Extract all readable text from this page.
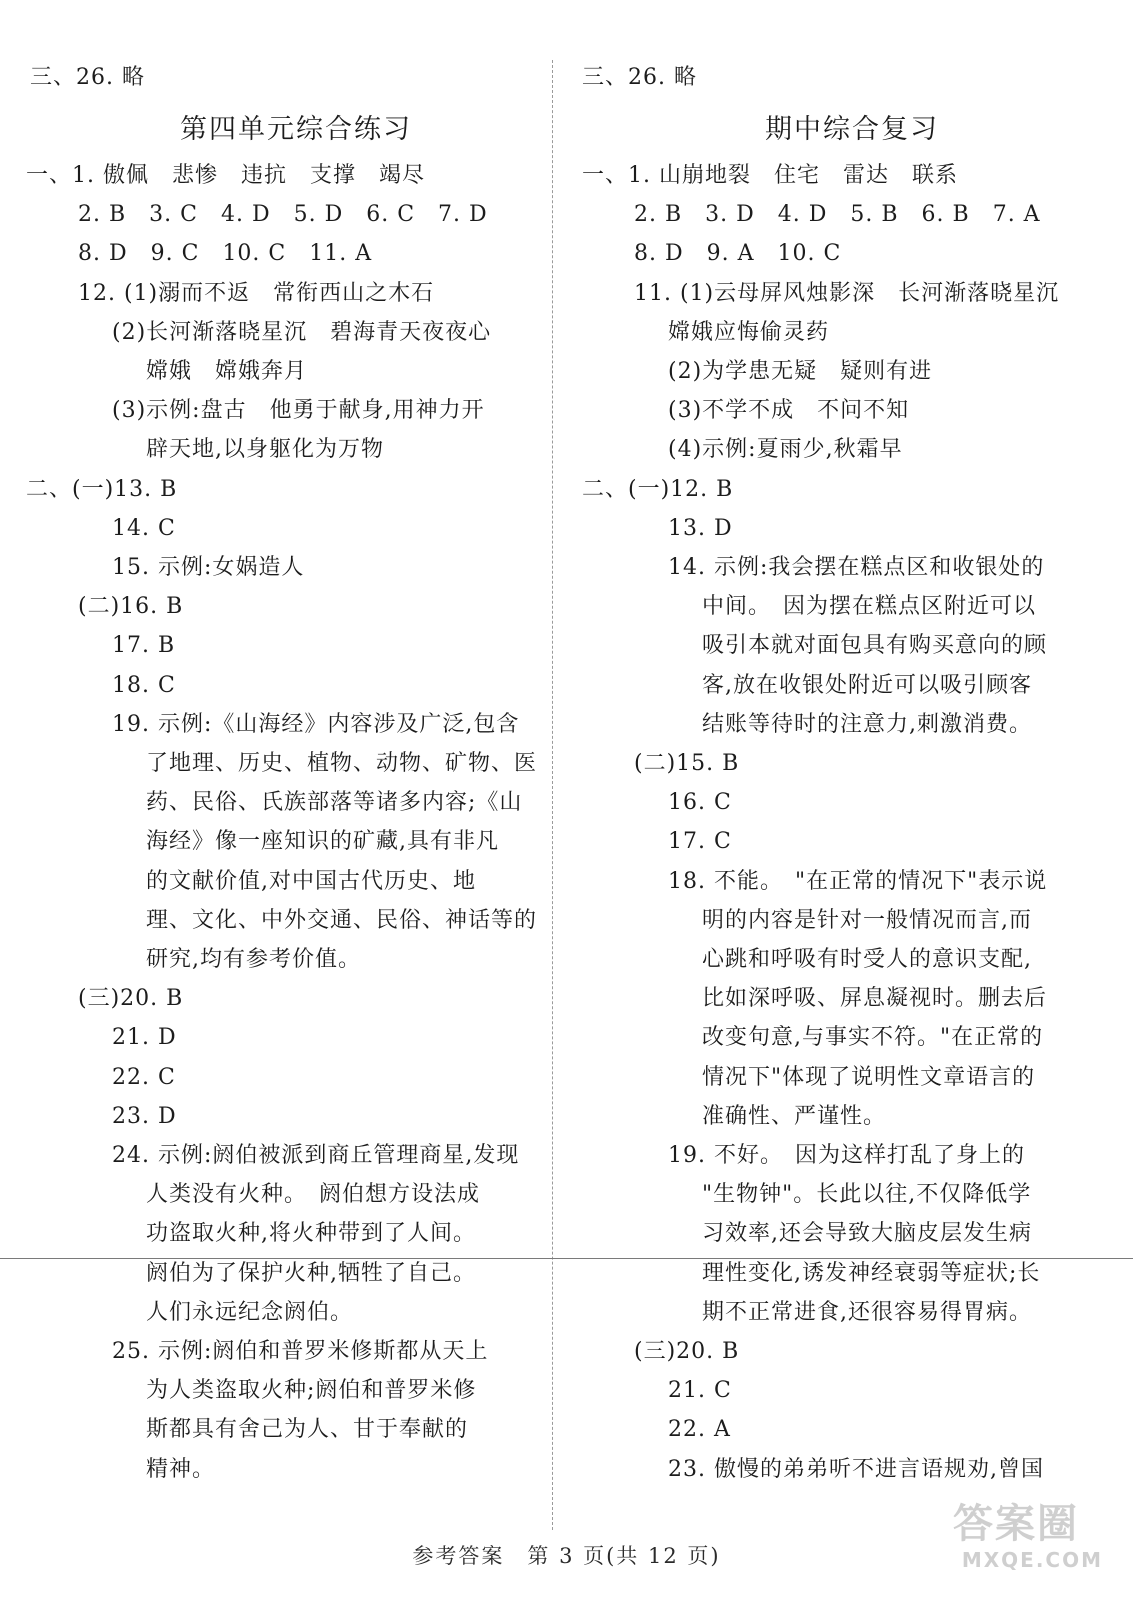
三、26. 略
第四单元综合练习
一、1. 傲佩　悲惨　违抗　支撑　竭尽
2. B　3. C　4. D　5. D　6. C　7. D
8. D　9. C　10. C　11. A
12. (1)溺而不返　常衔西山之木石
(2)长河渐落晓星沉　碧海青天夜夜心
嫦娥　嫦娥奔月
(3)示例:盘古　他勇于献身,用神力开
辟天地,以身躯化为万物
二、(一)13. B
14. C
15. 示例:女娲造人
(二)16. B
17. B
18. C
19. 示例:《山海经》内容涉及广泛,包含
了地理、历史、植物、动物、矿物、医
药、民俗、氏族部落等诸多内容;《山
海经》像一座知识的矿藏,具有非凡
的文献价值,对中国古代历史、地
理、文化、中外交通、民俗、神话等的
研究,均有参考价值。
(三)20. B
21. D
22. C
23. D
24. 示例:阏伯被派到商丘管理商星,发现
人类没有火种。　阏伯想方设法成
功盗取火种,将火种带到了人间。
阏伯为了保护火种,牺牲了自己。
人们永远纪念阏伯。
25. 示例:阏伯和普罗米修斯都从天上
为人类盗取火种;阏伯和普罗米修
斯都具有舍己为人、甘于奉献的
精神。
三、26. 略
期中综合复习
一、1. 山崩地裂　住宅　雷达　联系
2. B　3. D　4. D　5. B　6. B　7. A
8. D　9. A　10. C
11. (1)云母屏风烛影深　长河渐落晓星沉
嫦娥应悔偷灵药
(2)为学患无疑　疑则有进
(3)不学不成　不问不知
(4)示例:夏雨少,秋霜早
二、(一)12. B
13. D
14. 示例:我会摆在糕点区和收银处的
中间。　因为摆在糕点区附近可以
吸引本就对面包具有购买意向的顾
客,放在收银处附近可以吸引顾客
结账等待时的注意力,刺激消费。
(二)15. B
16. C
17. C
18. 不能。　"在正常的情况下"表示说
明的内容是针对一般情况而言,而
心跳和呼吸有时受人的意识支配,
比如深呼吸、屏息凝视时。删去后
改变句意,与事实不符。"在正常的
情况下"体现了说明性文章语言的
准确性、严谨性。
19. 不好。　因为这样打乱了身上的
"生物钟"。长此以往,不仅降低学
习效率,还会导致大脑皮层发生病
理性变化,诱发神经衰弱等症状;长
期不正常进食,还很容易得胃病。
(三)20. B
21. C
22. A
23. 傲慢的弟弟听不进言语规劝,曾国
参考答案　第 3 页(共 12 页)
答案圈
MXQE.COM
